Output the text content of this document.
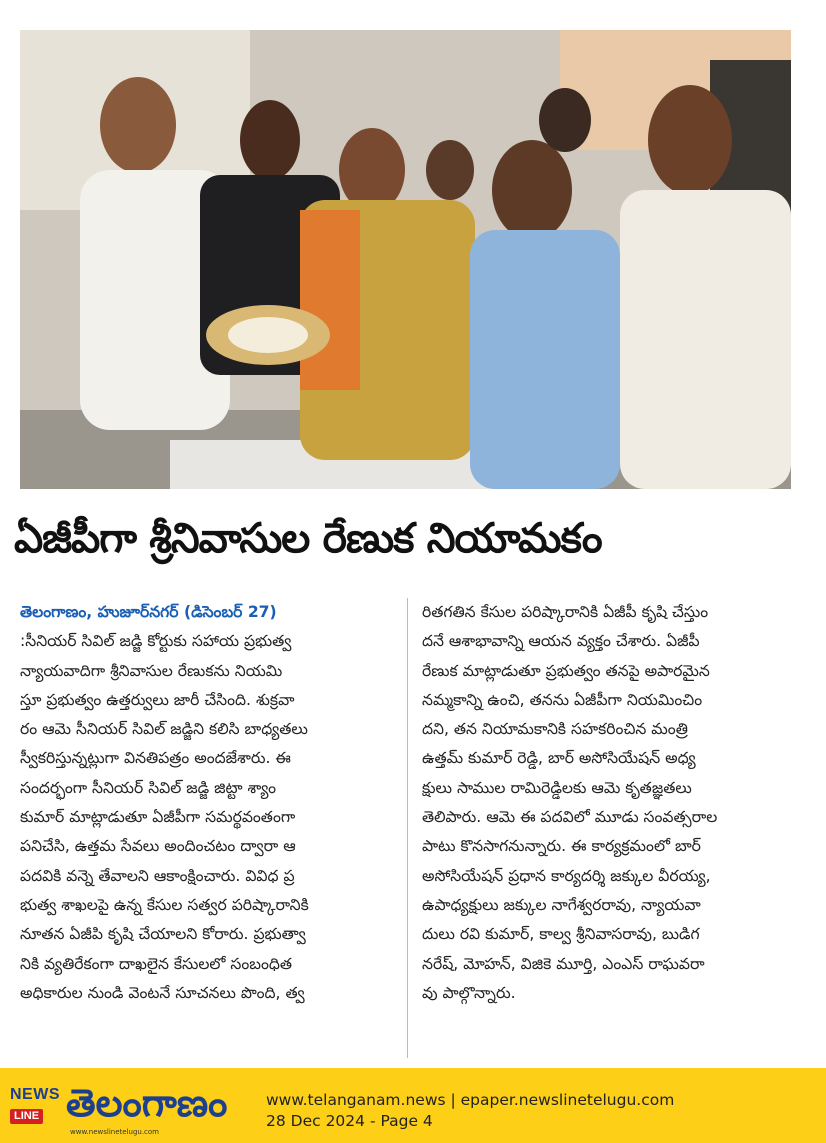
ఏజీపీగా శ్రీనివాసుల రేణుక నియామకం

తెలంగాణం, హుజూర్‌నగర్ (డిసెంబర్ 27)

:సీనియర్ సివిల్ జడ్జి కోర్టుకు సహాయ ప్రభుత్వ

న్యాయవాదిగా శ్రీనివాసుల రేణుకను నియమి

స్తూ ప్రభుత్వం ఉత్తర్వులు జారీ చేసింది. శుక్రవా

రం ఆమె సీనియర్ సివిల్ జడ్జిని కలిసి బాధ్యతలు

స్వీకరిస్తున్నట్లుగా వినతిపత్రం అందజేశారు. ఈ

సందర్భంగా సీనియర్ సివిల్ జడ్జి జిట్టా శ్యాం

కుమార్ మాట్లాడుతూ ఏజీపీగా సమర్థవంతంగా

పనిచేసి, ఉత్తమ సేవలు అందించటం ద్వారా ఆ

పదవికి వన్నె తేవాలని ఆకాంక్షించారు. వివిధ ప్ర

భుత్వ శాఖలపై ఉన్న కేసుల సత్వర పరిష్కారానికి

నూతన ఏజీపి కృషి చేయాలని కోరారు. ప్రభుత్వా

నికి వ్యతిరేకంగా దాఖలైన కేసులలో సంబంధిత

అధికారుల నుండి వెంటనే సూచనలు పొంది, త్వ

రితగతిన కేసుల పరిష్కారానికి ఏజీపీ కృషి చేస్తుం

దనే ఆశాభావాన్ని ఆయన వ్యక్తం చేశారు. ఏజీపీ

రేణుక మాట్లాడుతూ ప్రభుత్వం తనపై అపారమైన

నమ్మకాన్ని ఉంచి, తనను ఏజీపీగా నియమించిం

దని, తన నియామకానికి సహకరించిన మంత్రి

ఉత్తమ్ కుమార్ రెడ్డి, బార్ అసోసియేషన్ అధ్య

క్షులు సాముల రామిరెడ్డిలకు ఆమె కృతజ్ఞతలు

తెలిపారు. ఆమె ఈ పదవిలో మూడు సంవత్సరాల

పాటు కొనసాగనున్నారు. ఈ కార్యక్రమంలో బార్

అసోసియేషన్ ప్రధాన కార్యదర్శి జక్కుల వీరయ్య,

ఉపాధ్యక్షులు జక్కుల నాగేశ్వరరావు, న్యాయవా

దులు రవి కుమార్, కాల్వ శ్రీనివాసరావు, బుడిగ

నరేష్, మోహన్, విజికె మూర్తి, ఎంఎస్ రాఘవరా

వు పాల్గొన్నారు.

NEWS
LINE తెలంగాణం
www.newslinetelugu.com
www.telanganam.news | epaper.newslinetelugu.com
28 Dec 2024 - Page 4
